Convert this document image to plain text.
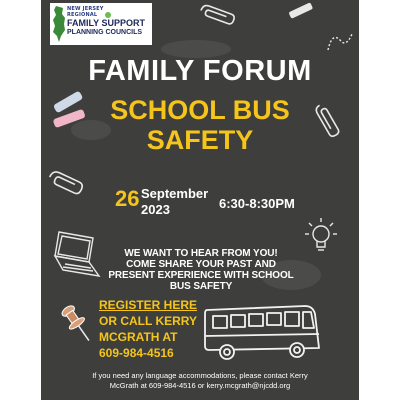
NEW JERSEY
REGIONAL
FAMILY SUPPORT
PLANNING COUNCILS
FAMILY FORUM
SCHOOL BUS
SAFETY
26 September
2023	6:30-8:30PM
WE WANT TO HEAR FROM YOU!
COME SHARE YOUR PAST AND
PRESENT EXPERIENCE WITH SCHOOL
BUS SAFETY
REGISTER HERE
OR CALL KERRY
MCGRATH AT
609-984-4516
If you need any language accommodations, please contact Kerry
McGrath at 609-984-4516 or kerry.mcgrath@njcdd.org
